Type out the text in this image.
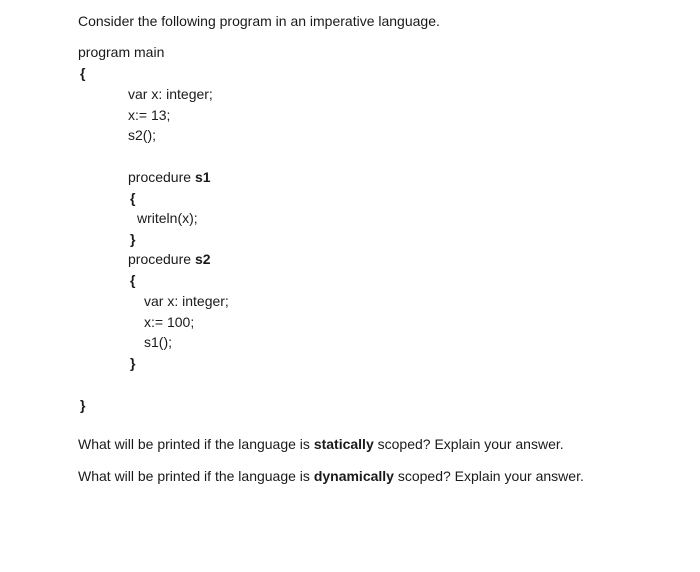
Consider the following program in an imperative language.
program main
{
var x: integer;
x:= 13;
s2();
procedure s1
{
writeln(x);
}
procedure s2
{
var x: integer;
x:= 100;
s1();
}
}
What will be printed if the language is statically scoped? Explain your answer.
What will be printed if the language is dynamically scoped? Explain your answer.
